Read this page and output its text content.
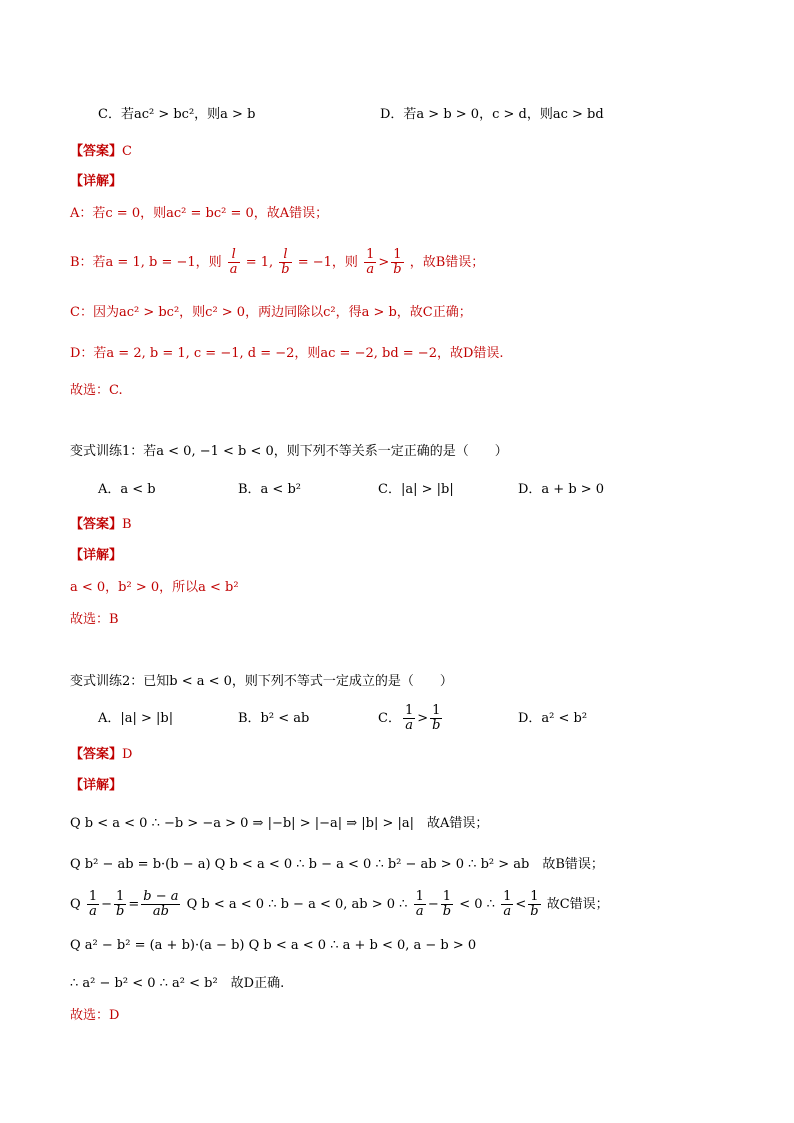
C．若ac² > bc²，则a > b	D．若a > b > 0，c > d，则ac > bd
【答案】C
【详解】
A：若c = 0，则ac² = bc² = 0，故A错误；
B：若a = 1, b = −1，则 $\frac{l}{a} = 1$, $\frac{l}{b} = -1$，则 $\frac{1}{a} > \frac{1}{b}$ ，故B错误；
C：因为ac² > bc²，则c² > 0，两边同除以c²，得a > b，故C正确；
D：若a = 2, b = 1, c = −1, d = −2，则ac = −2, bd = −2，故D错误.
故选：C.
变式训练1：若a < 0, −1 < b < 0，则下列不等关系一定正确的是（　　）
A．a < b	B．a < b²	C．|a| > |b|	D．a + b > 0
【答案】B
【详解】
a < 0，b² > 0，所以a < b²
故选：B
变式训练2：已知b < a < 0，则下列不等式一定成立的是（　　）
A．|a| > |b|	B．b² < ab	C． $\frac{1}{a} > \frac{1}{b}$	D．a² < b²
【答案】D
【详解】
Q b < a < 0 ∴ −b > −a > 0 ⇒ |−b| > |−a| ⇒ |b| > |a|　故A错误；
Q b² − ab = b·(b − a) Q b < a < 0 ∴ b − a < 0 ∴ b² − ab > 0 ∴ b² > ab　故B错误；
Q $\frac{1}{a} - \frac{1}{b} = \frac{b - a}{ab}$ Q b < a < 0 ∴ b − a < 0, ab > 0 ∴ $\frac{1}{a} - \frac{1}{b} < 0$ ∴ $\frac{1}{a} < \frac{1}{b}$ 故C错误；
Q a² − b² = (a + b)·(a − b) Q b < a < 0 ∴ a + b < 0, a − b > 0
∴ a² − b² < 0 ∴ a² < b²　故D正确.
故选：D
